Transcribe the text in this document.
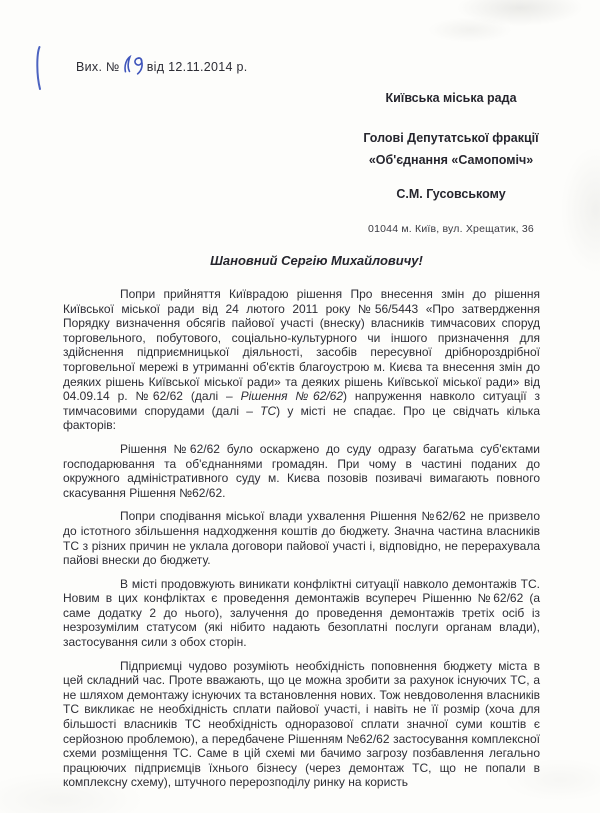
Вих. № від 12.11.2014 р.
Київська міська рада
Голові Депутатської фракції
«Об'єднання «Самопоміч»
С.М. Гусовському
01044 м. Київ, вул. Хрещатик, 36
Шановний Сергію Михайловичу!

Попри прийняття Київрадою рішення Про внесення змін до рішення Київської міської ради від 24 лютого 2011 року №56/5443 «Про затвердження Порядку визначення обсягів пайової участі (внеску) власників тимчасових споруд торговельного, побутового, соціально-культурного чи іншого призначення для здійснення підприємницької діяльності, засобів пересувної дрібнороздрібної торговельної мережі в утриманні об'єктів благоустрою м. Києва та внесення змін до деяких рішень Київської міської ради» та деяких рішень Київської міської ради» від 04.09.14 р. №62/62 (далі – Рішення №62/62) напруження навколо ситуації з тимчасовими спорудами (далі – ТС) у місті не спадає. Про це свідчать кілька факторів:

Рішення №62/62 було оскаржено до суду одразу багатьма суб'єктами господарювання та об'єднаннями громадян. При чому в частині поданих до окружного адміністративного суду м. Києва позовів позивачі вимагають повного скасування Рішення №62/62.

Попри сподівання міської влади ухвалення Рішення №62/62 не призвело до істотного збільшення надходження коштів до бюджету. Значна частина власників ТС з різних причин не уклала договори пайової участі і, відповідно, не перерахувала пайові внески до бюджету.

В місті продовжують виникати конфліктні ситуації навколо демонтажів ТС. Новим в цих конфліктах є проведення демонтажів всупереч Рішенню №62/62 (а саме додатку 2 до нього), залучення до проведення демонтажів третіх осіб із незрозумілим статусом (які нібито надають безоплатні послуги органам влади), застосування сили з обох сторін.

Підприємці чудово розуміють необхідність поповнення бюджету міста в цей складний час. Проте вважають, що це можна зробити за рахунок існуючих ТС, а не шляхом демонтажу існуючих та встановлення нових. Тож невдоволення власників ТС викликає не необхідність сплати пайової участі, і навіть не її розмір (хоча для більшості власників ТС необхідність одноразової сплати значної суми коштів є серйозною проблемою), а передбачене Рішенням №62/62 застосування комплексної схеми розміщення ТС. Саме в цій схемі ми бачимо загрозу позбавлення легально працюючих підприємців їхнього бізнесу (через демонтаж ТС, що не попали в комплексну схему), штучного перерозподілу ринку на користь
